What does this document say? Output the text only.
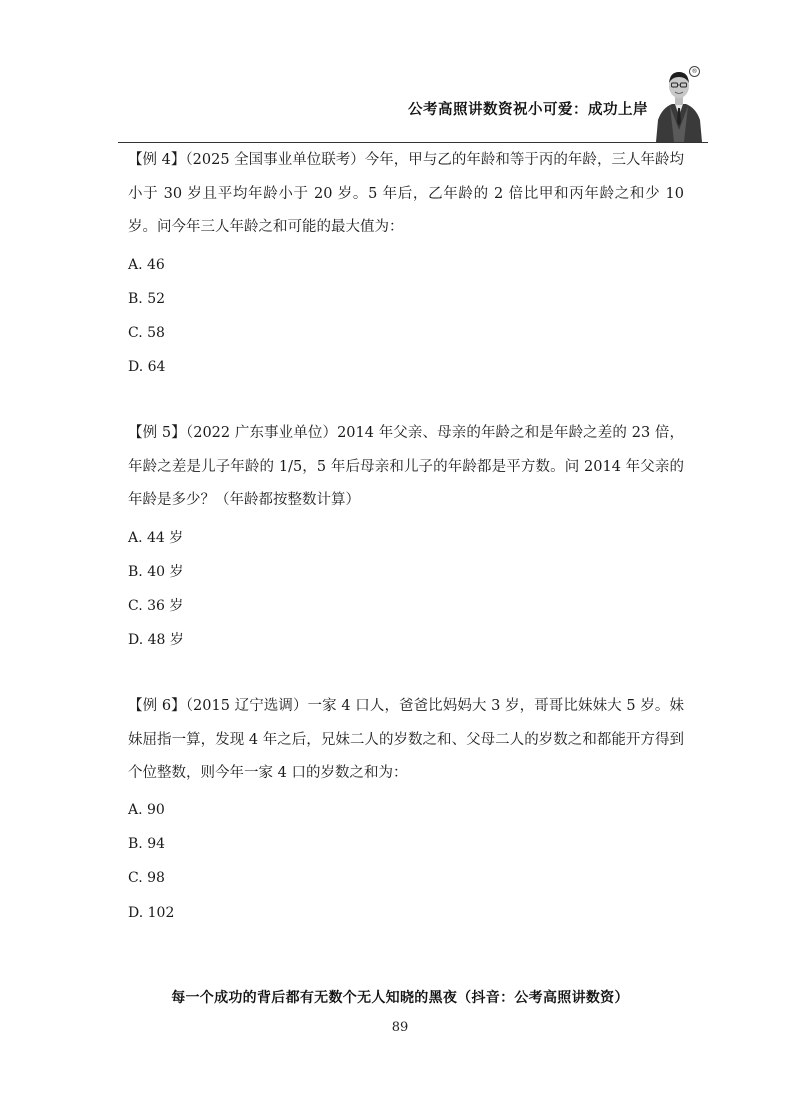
公考高照讲数资祝小可爱：成功上岸
®
【例 4】（2025 全国事业单位联考）今年，甲与乙的年龄和等于丙的年龄，三人年龄均小于 30 岁且平均年龄小于 20 岁。5 年后，乙年龄的 2 倍比甲和丙年龄之和少 10 岁。问今年三人年龄之和可能的最大值为：
A. 46
B. 52
C. 58
D. 64
【例 5】（2022 广东事业单位）2014 年父亲、母亲的年龄之和是年龄之差的 23 倍，年龄之差是儿子年龄的 1/5，5 年后母亲和儿子的年龄都是平方数。问 2014 年父亲的年龄是多少？（年龄都按整数计算）
A. 44 岁
B. 40 岁
C. 36 岁
D. 48 岁
【例 6】（2015 辽宁选调）一家 4 口人，爸爸比妈妈大 3 岁，哥哥比妹妹大 5 岁。妹妹屈指一算，发现 4 年之后，兄妹二人的岁数之和、父母二人的岁数之和都能开方得到个位整数，则今年一家 4 口的岁数之和为：
A. 90
B. 94
C. 98
D. 102
每一个成功的背后都有无数个无人知晓的黑夜（抖音：公考高照讲数资）
89
